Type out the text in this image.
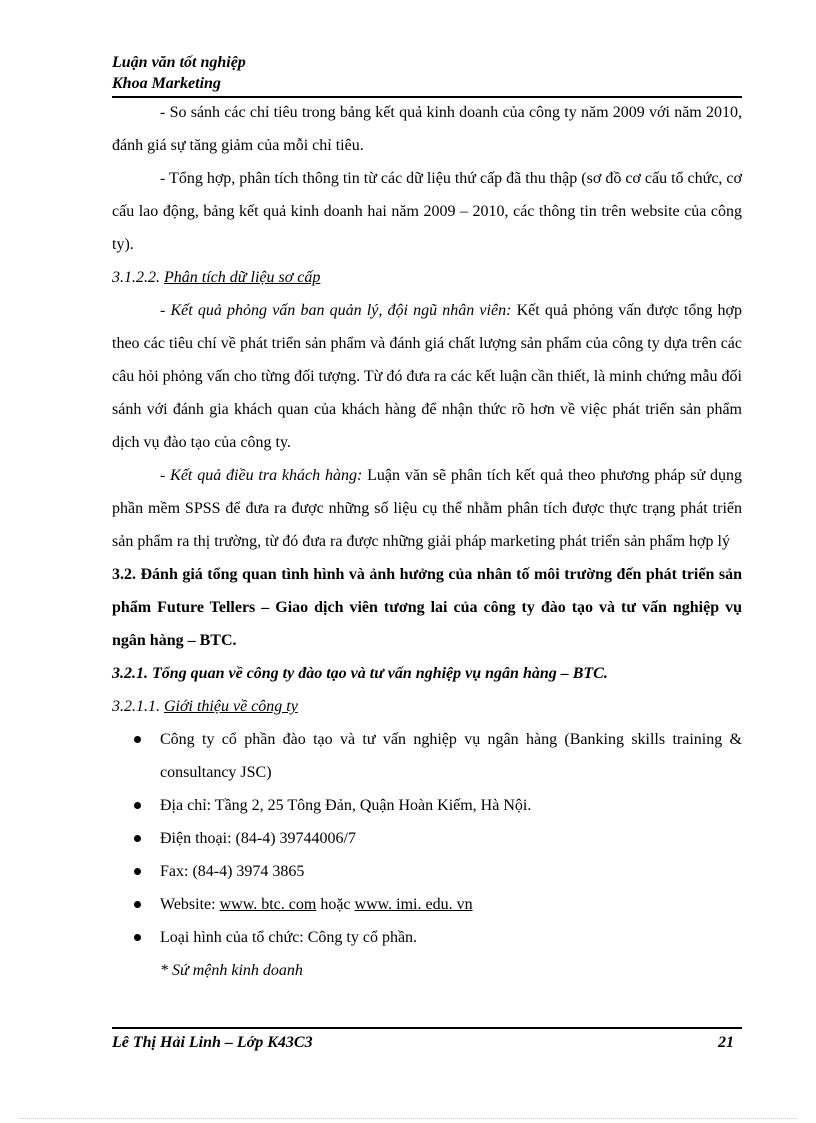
Luận văn tốt nghiệp
Khoa Marketing

- So sánh các chỉ tiêu trong bảng kết quả kinh doanh của công ty năm 2009 với năm 2010, đánh giá sự tăng giảm của mỗi chỉ tiêu.

- Tổng hợp, phân tích thông tin từ các dữ liệu thứ cấp đã thu thập (sơ đồ cơ cấu tổ chức, cơ cấu lao động, bảng kết quả kinh doanh hai năm 2009 – 2010, các thông tin trên website của công ty).

3.1.2.2. Phân tích dữ liệu sơ cấp

- Kết quả phỏng vấn ban quản lý, đội ngũ nhân viên: Kết quả phỏng vấn được tổng hợp theo các tiêu chí về phát triển sản phẩm và đánh giá chất lượng sản phẩm của công ty dựa trên các câu hỏi phỏng vấn cho từng đối tượng. Từ đó đưa ra các kết luận cần thiết, là minh chứng mẫu đối sánh với đánh gia khách quan của khách hàng để nhận thức rõ hơn về việc phát triển sản phẩm dịch vụ đào tạo của công ty.

- Kết quả điều tra khách hàng: Luận văn sẽ phân tích kết quả theo phương pháp sử dụng phần mềm SPSS để đưa ra được những số liệu cụ thể nhằm phân tích được thực trạng phát triển sản phẩm ra thị trường, từ đó đưa ra được những giải pháp marketing phát triển sản phẩm hợp lý

3.2. Đánh giá tổng quan tình hình và ảnh hưởng của nhân tố môi trường đến phát triển sản phẩm Future Tellers – Giao dịch viên tương lai của công ty đào tạo và tư vấn nghiệp vụ ngân hàng – BTC.

3.2.1. Tổng quan về công ty đào tạo và tư vấn nghiệp vụ ngân hàng – BTC.

3.2.1.1. Giới thiệu về công ty

Công ty cổ phần đào tạo và tư vấn nghiệp vụ ngân hàng (Banking skills training & consultancy JSC)
Địa chỉ: Tầng 2, 25 Tông Đản, Quận Hoàn Kiếm, Hà Nội.
Điện thoại: (84-4) 39744006/7
Fax: (84-4) 3974 3865
Website: www. btc. com hoặc www. imi. edu. vn
Loại hình của tổ chức: Công ty cổ phần.

* Sứ mệnh kinh doanh

Lê Thị Hải Linh – Lớp K43C3	21
